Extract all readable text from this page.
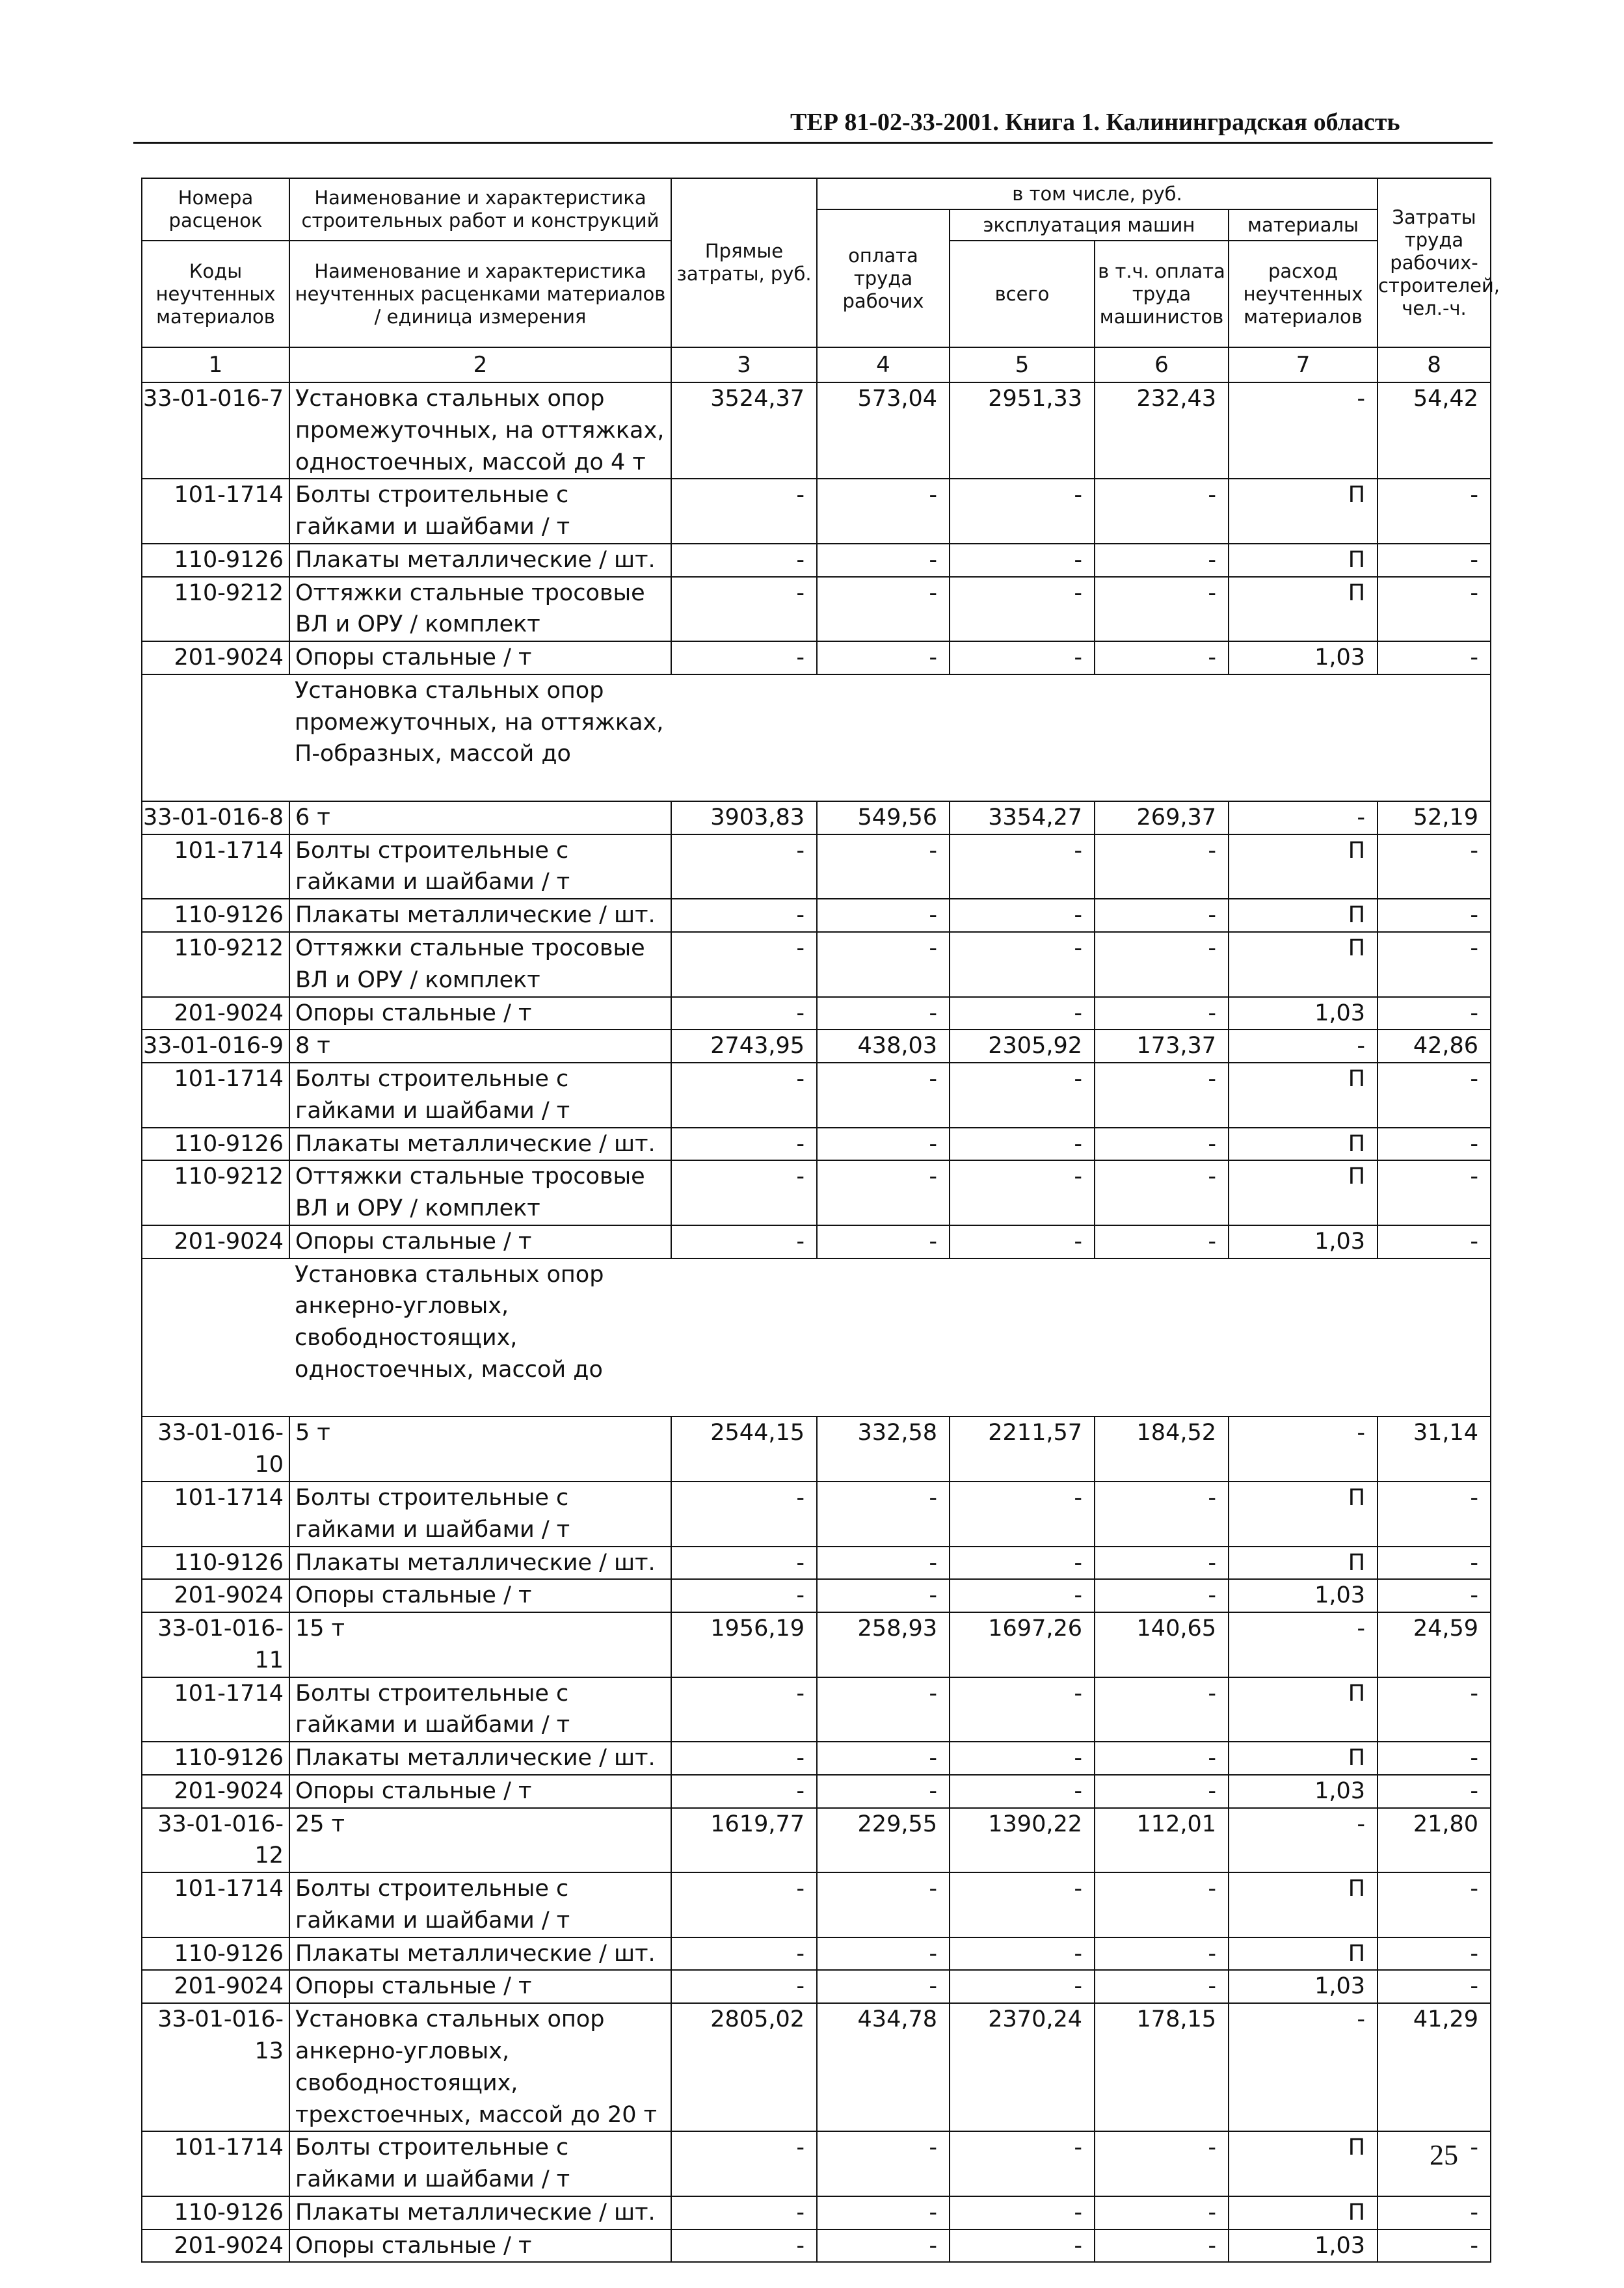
ТЕР 81-02-33-2001. Книга 1. Калининградская область
Номера расценок	Наименование и характеристика строительных работ и конструкций	Прямые затраты, руб.	в том числе, руб.				Затраты труда рабочих-строителей, чел.-ч.
			оплата труда рабочих	эксплуатация машин		материалы	
Коды неучтенных материалов	Наименование и характеристика неучтенных расценками материалов / единица измерения			всего	в т.ч. оплата труда машинистов	расход неучтенных материалов	

1	2	3	4	5	6	7	8
33-01-016-7	Установка стальных опор промежуточных, на оттяжках, одностоечных, массой до 4 т	3524,37	573,04	2951,33	232,43	-	54,42
101-1714	Болты строительные с гайками и шайбами / т	-	-	-	-	П	-
110-9126	Плакаты металлические / шт.	-	-	-	-	П	-
110-9212	Оттяжки стальные тросовые ВЛ и ОРУ / комплект	-	-	-	-	П	-
201-9024	Опоры стальные / т	-	-	-	-	1,03	-
	Установка стальных опор промежуточных, на оттяжках, П-образных, массой до						
33-01-016-8	6 т	3903,83	549,56	3354,27	269,37	-	52,19
101-1714	Болты строительные с гайками и шайбами / т	-	-	-	-	П	-
110-9126	Плакаты металлические / шт.	-	-	-	-	П	-
110-9212	Оттяжки стальные тросовые ВЛ и ОРУ / комплект	-	-	-	-	П	-
201-9024	Опоры стальные / т	-	-	-	-	1,03	-
33-01-016-9	8 т	2743,95	438,03	2305,92	173,37	-	42,86
101-1714	Болты строительные с гайками и шайбами / т	-	-	-	-	П	-
110-9126	Плакаты металлические / шт.	-	-	-	-	П	-
110-9212	Оттяжки стальные тросовые ВЛ и ОРУ / комплект	-	-	-	-	П	-
201-9024	Опоры стальные / т	-	-	-	-	1,03	-
	Установка стальных опор анкерно-угловых, свободностоящих, одностоечных, массой до						
33-01-016-10	5 т	2544,15	332,58	2211,57	184,52	-	31,14
101-1714	Болты строительные с гайками и шайбами / т	-	-	-	-	П	-
110-9126	Плакаты металлические / шт.	-	-	-	-	П	-
201-9024	Опоры стальные / т	-	-	-	-	1,03	-
33-01-016-11	15 т	1956,19	258,93	1697,26	140,65	-	24,59
101-1714	Болты строительные с гайками и шайбами / т	-	-	-	-	П	-
110-9126	Плакаты металлические / шт.	-	-	-	-	П	-
201-9024	Опоры стальные / т	-	-	-	-	1,03	-
33-01-016-12	25 т	1619,77	229,55	1390,22	112,01	-	21,80
101-1714	Болты строительные с гайками и шайбами / т	-	-	-	-	П	-
110-9126	Плакаты металлические / шт.	-	-	-	-	П	-
201-9024	Опоры стальные / т	-	-	-	-	1,03	-
33-01-016-13	Установка стальных опор анкерно-угловых, свободностоящих, трехстоечных, массой до 20 т	2805,02	434,78	2370,24	178,15	-	41,29
101-1714	Болты строительные с гайками и шайбами / т	-	-	-	-	П	-
110-9126	Плакаты металлические / шт.	-	-	-	-	П	-
201-9024	Опоры стальные / т	-	-	-	-	1,03	-
25
